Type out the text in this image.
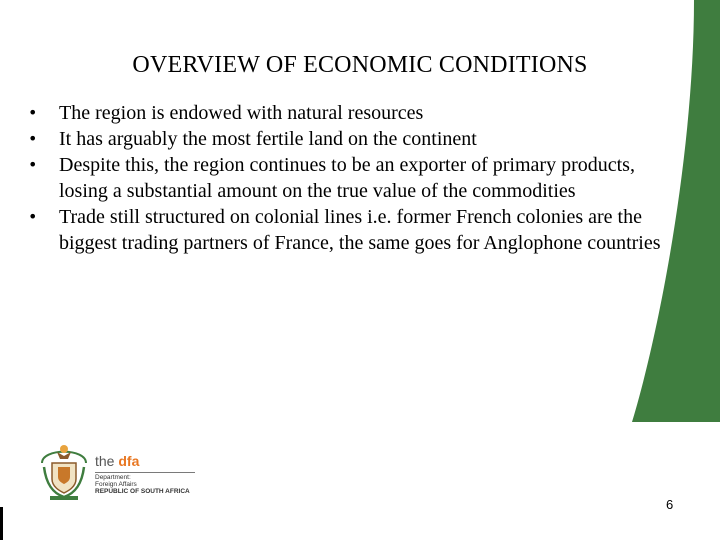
OVERVIEW OF ECONOMIC CONDITIONS
•	The region is endowed with natural resources
•	It has arguably the most fertile land on the continent
•	Despite this, the region continues to be an exporter of primary products, losing a substantial amount on the true value of the commodities
•	Trade still structured on colonial lines i.e. former French colonies are the biggest trading partners of France, the same goes for Anglophone countries
the dfa
Department:
Foreign Affairs
REPUBLIC OF SOUTH AFRICA
6
